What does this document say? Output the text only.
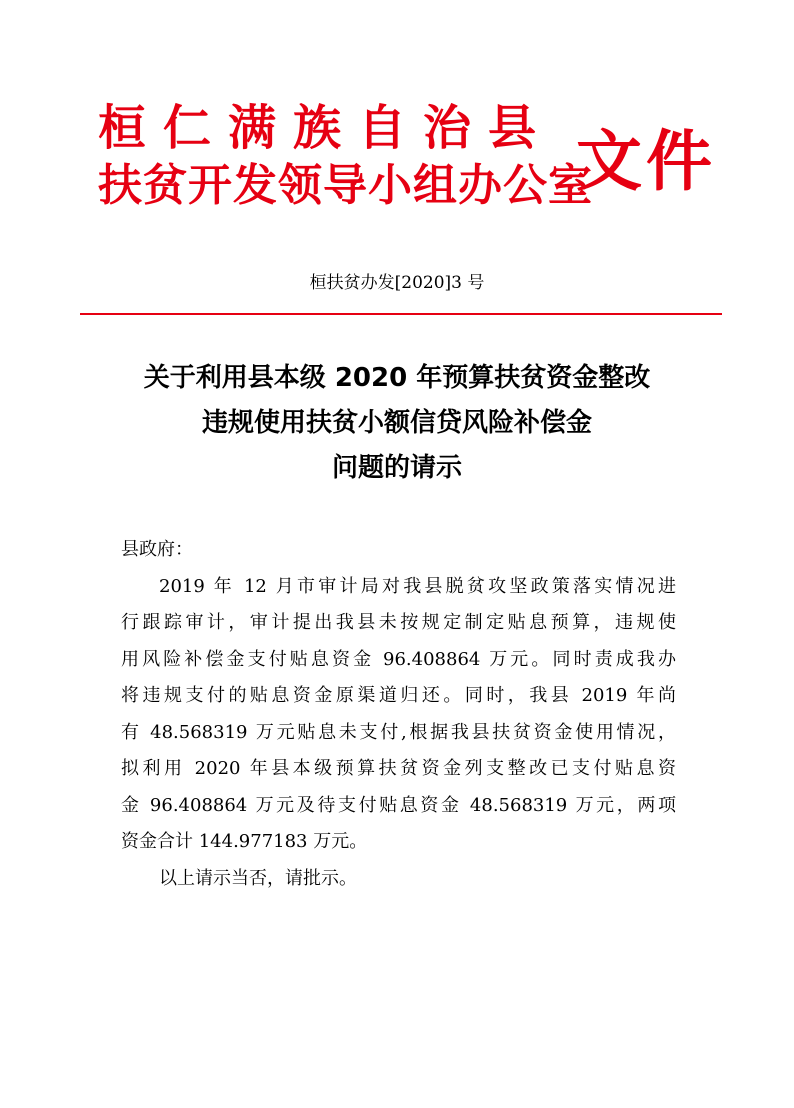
桓仁满族自治县
扶贫开发领导小组办公室
文件
桓扶贫办发[2020]3 号
关于利用县本级 2020 年预算扶贫资金整改
违规使用扶贫小额信贷风险补偿金
问题的请示
县政府：
2019 年 12 月市审计局对我县脱贫攻坚政策落实情况进
行跟踪审计，审计提出我县未按规定制定贴息预算，违规使
用风险补偿金支付贴息资金 96.408864 万元。同时责成我办
将违规支付的贴息资金原渠道归还。同时，我县 2019 年尚
有 48.568319 万元贴息未支付,根据我县扶贫资金使用情况，
拟利用 2020 年县本级预算扶贫资金列支整改已支付贴息资
金 96.408864 万元及待支付贴息资金 48.568319 万元，两项
资金合计 144.977183 万元。
以上请示当否，请批示。
